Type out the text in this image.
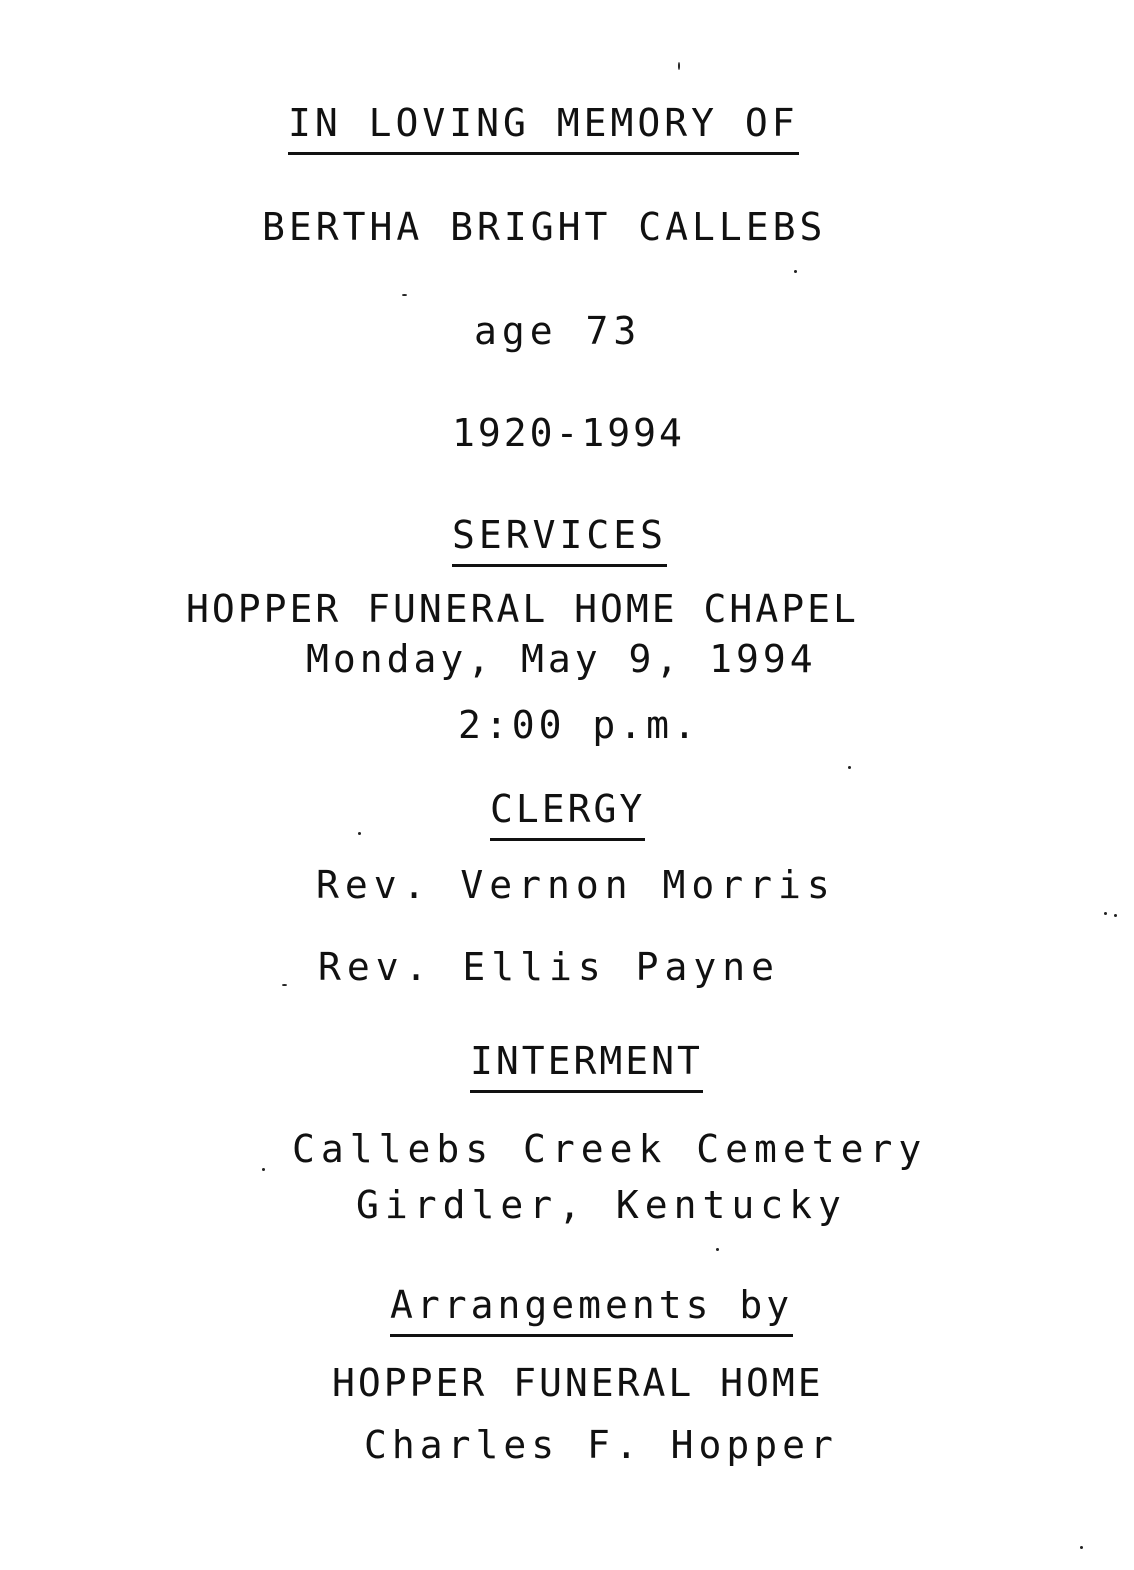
IN LOVING MEMORY OF
BERTHA BRIGHT CALLEBS
age 73
1920-1994
SERVICES
HOPPER FUNERAL HOME CHAPEL
Monday, May 9, 1994
2:00 p.m.
CLERGY
Rev. Vernon Morris
Rev. Ellis Payne
INTERMENT
Callebs Creek Cemetery
Girdler, Kentucky
Arrangements by
HOPPER FUNERAL HOME
Charles F. Hopper
